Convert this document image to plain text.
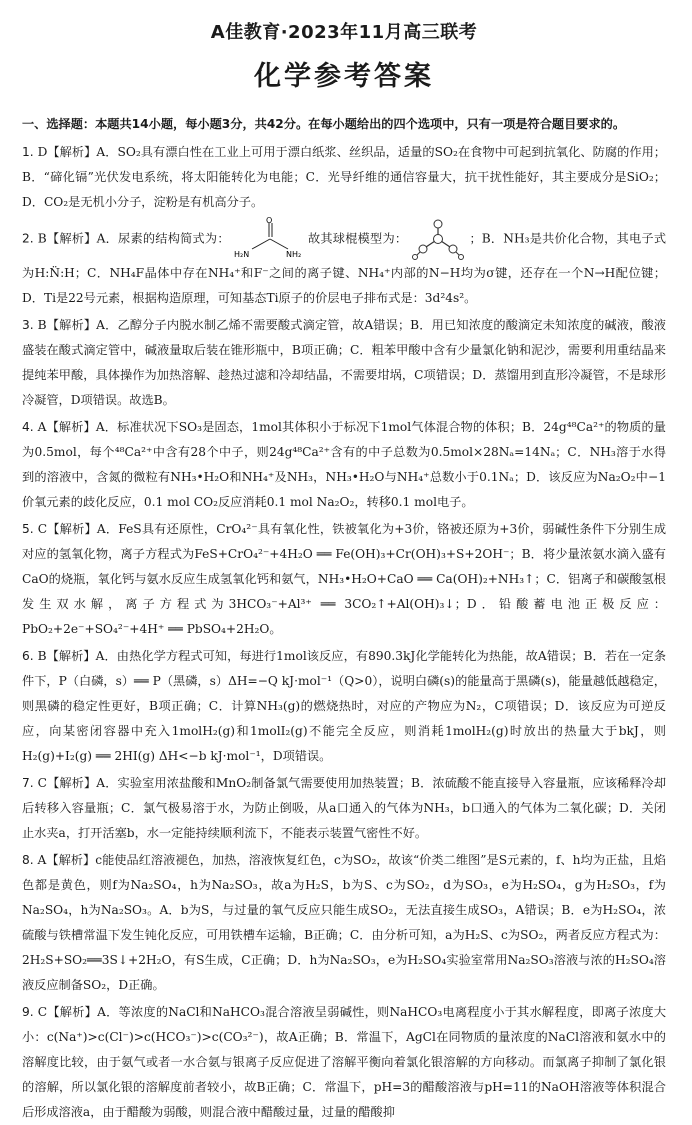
A佳教育·2023年11月高三联考
化学参考答案
一、选择题：本题共14小题，每小题3分，共42分。在每小题给出的四个选项中，只有一项是符合题目要求的。
1. D【解析】A．SO₂具有漂白性在工业上可用于漂白纸浆、丝织品，适量的SO₂在食物中可起到抗氧化、防腐的作用；B．“碲化镉”光伏发电系统，将太阳能转化为电能；C．光导纤维的通信容量大，抗干扰性能好，其主要成分是SiO₂；D．CO₂是无机小分子，淀粉是有机高分子。
2. B【解析】A．尿素的结构简式为：
O
H₂N	NH₂
故其球棍模型为：	；B．NH₃是共价化合物，其电子式为H:N̈:H；C．NH₄F晶体中存在NH₄⁺和F⁻之间的离子键、NH₄⁺内部的N−H均为σ键，还存在一个N→H配位键；D．Ti是22号元素，根据构造原理，可知基态Ti原子的价层电子排布式是：3d²4s²。
3. B【解析】A．乙醇分子内脱水制乙烯不需要酸式滴定管，故A错误；B．用已知浓度的酸滴定未知浓度的碱液，酸液盛装在酸式滴定管中，碱液量取后装在锥形瓶中，B项正确；C．粗苯甲酸中含有少量氯化钠和泥沙，需要利用重结晶来提纯苯甲酸，具体操作为加热溶解、趁热过滤和冷却结晶，不需要坩埚，C项错误；D．蒸馏用到直形冷凝管，不是球形冷凝管，D项错误。故选B。
4. A【解析】A．标准状况下SO₃是固态，1mol其体积小于标况下1mol气体混合物的体积；B．24g⁴⁸Ca²⁺的物质的量为0.5mol，每个⁴⁸Ca²⁺中含有28个中子，则24g⁴⁸Ca²⁺含有的中子总数为0.5mol×28Nₐ=14Nₐ；C．NH₃溶于水得到的溶液中，含氮的微粒有NH₃•H₂O和NH₄⁺及NH₃，NH₃•H₂O与NH₄⁺总数小于0.1Nₐ；D．该反应为Na₂O₂中−1价氧元素的歧化反应，0.1 mol CO₂反应消耗0.1 mol Na₂O₂，转移0.1 mol电子。
5. C【解析】A．FeS具有还原性，CrO₄²⁻具有氧化性，铁被氧化为+3价，铬被还原为+3价，弱碱性条件下分别生成对应的氢氧化物，离子方程式为FeS+CrO₄²⁻+4H₂O ══ Fe(OH)₃+Cr(OH)₃+S+2OH⁻；B．将少量浓氨水滴入盛有CaO的烧瓶，氧化钙与氨水反应生成氢氧化钙和氨气，NH₃•H₂O+CaO ══ Ca(OH)₂+NH₃↑；C．铝离子和碳酸氢根发生双水解，离子方程式为3HCO₃⁻+Al³⁺ ══ 3CO₂↑+Al(OH)₃↓；D．铅酸蓄电池正极反应：PbO₂+2e⁻+SO₄²⁻+4H⁺ ══ PbSO₄+2H₂O。
6. B【解析】A．由热化学方程式可知，每进行1mol该反应，有890.3kJ化学能转化为热能，故A错误；B．若在一定条件下，P（白磷，s）══ P（黑磷，s）ΔH=−Q kJ·mol⁻¹（Q>0），说明白磷(s)的能量高于黑磷(s)，能量越低越稳定，则黑磷的稳定性更好，B项正确；C．计算NH₃(g)的燃烧热时，对应的产物应为N₂，C项错误；D．该反应为可逆反应，向某密闭容器中充入1molH₂(g)和1molI₂(g)不能完全反应，则消耗1molH₂(g)时放出的热量大于bkJ，则H₂(g)+I₂(g) ══ 2HI(g) ΔH<−b kJ·mol⁻¹，D项错误。
7. C【解析】A．实验室用浓盐酸和MnO₂制备氯气需要使用加热装置；B．浓硫酸不能直接导入容量瓶，应该稀释冷却后转移入容量瓶；C．氯气极易溶于水，为防止倒吸，从a口通入的气体为NH₃，b口通入的气体为二氧化碳；D．关闭止水夹a，打开活塞b，水一定能持续顺利流下，不能表示装置气密性不好。
8. A【解析】c能使品红溶液褪色，加热，溶液恢复红色，c为SO₂，故该“价类二维图”是S元素的，f、h均为正盐，且焰色都是黄色，则f为Na₂SO₄，h为Na₂SO₃，故a为H₂S，b为S、c为SO₂，d为SO₃，e为H₂SO₄，g为H₂SO₃，f为Na₂SO₄，h为Na₂SO₃。A．b为S，与过量的氧气反应只能生成SO₂，无法直接生成SO₃，A错误；B．e为H₂SO₄，浓硫酸与铁槽常温下发生钝化反应，可用铁槽车运输，B正确；C．由分析可知，a为H₂S、c为SO₂，两者反应方程式为：2H₂S+SO₂══3S↓+2H₂O，有S生成，C正确；D．h为Na₂SO₃，e为H₂SO₄实验室常用Na₂SO₃溶液与浓的H₂SO₄溶液反应制备SO₂，D正确。
9. C【解析】A．等浓度的NaCl和NaHCO₃混合溶液呈弱碱性，则NaHCO₃电离程度小于其水解程度，即离子浓度大小：c(Na⁺)>c(Cl⁻)>c(HCO₃⁻)>c(CO₃²⁻)，故A正确；B．常温下，AgCl在同物质的量浓度的NaCl溶液和氨水中的溶解度比较，由于氨气或者一水合氨与银离子反应促进了溶解平衡向着氯化银溶解的方向移动。而氯离子抑制了氯化银的溶解，所以氯化银的溶解度前者较小，故B正确；C．常温下，pH=3的醋酸溶液与pH=11的NaOH溶液等体积混合后形成溶液a，由于醋酸为弱酸，则混合液中醋酸过量，过量的醋酸抑
